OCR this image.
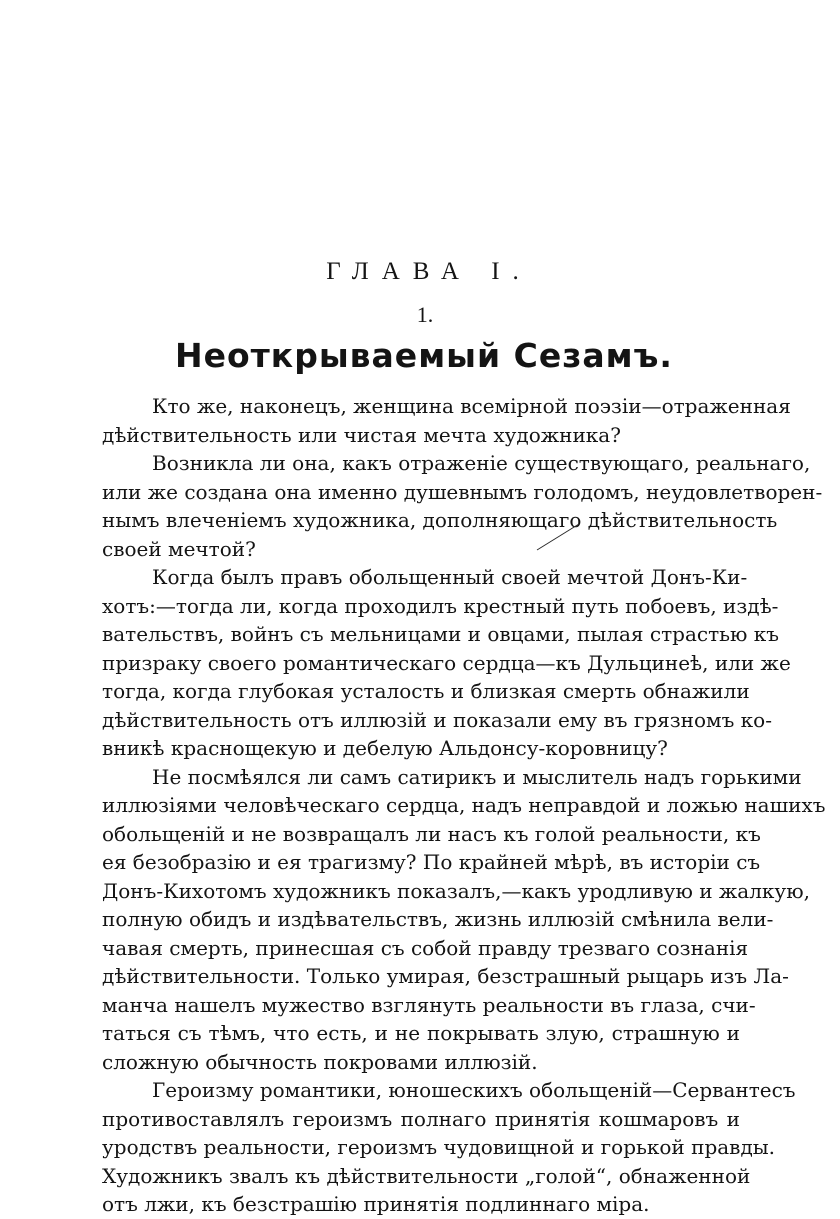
ГЛАВА I.
1.
Неоткрываемый Сезамъ.
Кто же, наконецъ, женщина всемiрной поэзiи—отраженная
дѣйствительность или чистая мечта художника?
Возникла ли она, какъ отраженiе существующаго, реальнаго,
или же создана она именно душевнымъ голодомъ, неудовлетворен-
нымъ влеченiемъ художника, дополняющаго дѣйствительность
своей мечтой?
Когда былъ правъ обольщенный своей мечтой Донъ-Ки-
хотъ:—тогда ли, когда проходилъ крестный путь побоевъ, издѣ-
вательствъ, войнъ съ мельницами и овцами, пылая страстью къ
призраку своего романтическаго сердца—къ Дульцинеѣ, или же
тогда, когда глубокая усталость и близкая смерть обнажили
дѣйствительность отъ иллюзiй и показали ему въ грязномъ ко-
вникѣ краснощекую и дебелую Альдонсу-коровницу?
Не посмѣялся ли самъ сатирикъ и мыслитель надъ горькими
иллюзiями человѣческаго сердца, надъ неправдой и ложью нашихъ
обольщенiй и не возвращалъ ли насъ къ голой реальности, къ
ея безобразiю и ея трагизму? По крайней мѣрѣ, въ исторiи съ
Донъ-Кихотомъ художникъ показалъ,—какъ уродливую и жалкую,
полную обидъ и издѣвательствъ, жизнь иллюзiй смѣнила вели-
чавая смерть, принесшая съ собой правду трезваго сознанiя
дѣйствительности. Только умирая, безстрашный рыцарь изъ Ла-
манча нашелъ мужество взглянуть реальности въ глаза, счи-
таться съ тѣмъ, что есть, и не покрывать злую, страшную и
сложную обычность покровами иллюзiй.
Героизму романтики, юношескихъ обольщенiй—Сервантесъ
противоставлялъ героизмъ полнаго принятiя кошмаровъ и
уродствъ реальности, героизмъ чудовищной и горькой правды.
Художникъ звалъ къ дѣйствительности „голой“, обнаженной
отъ лжи, къ безстрашiю принятiя подлиннаго мiра.
